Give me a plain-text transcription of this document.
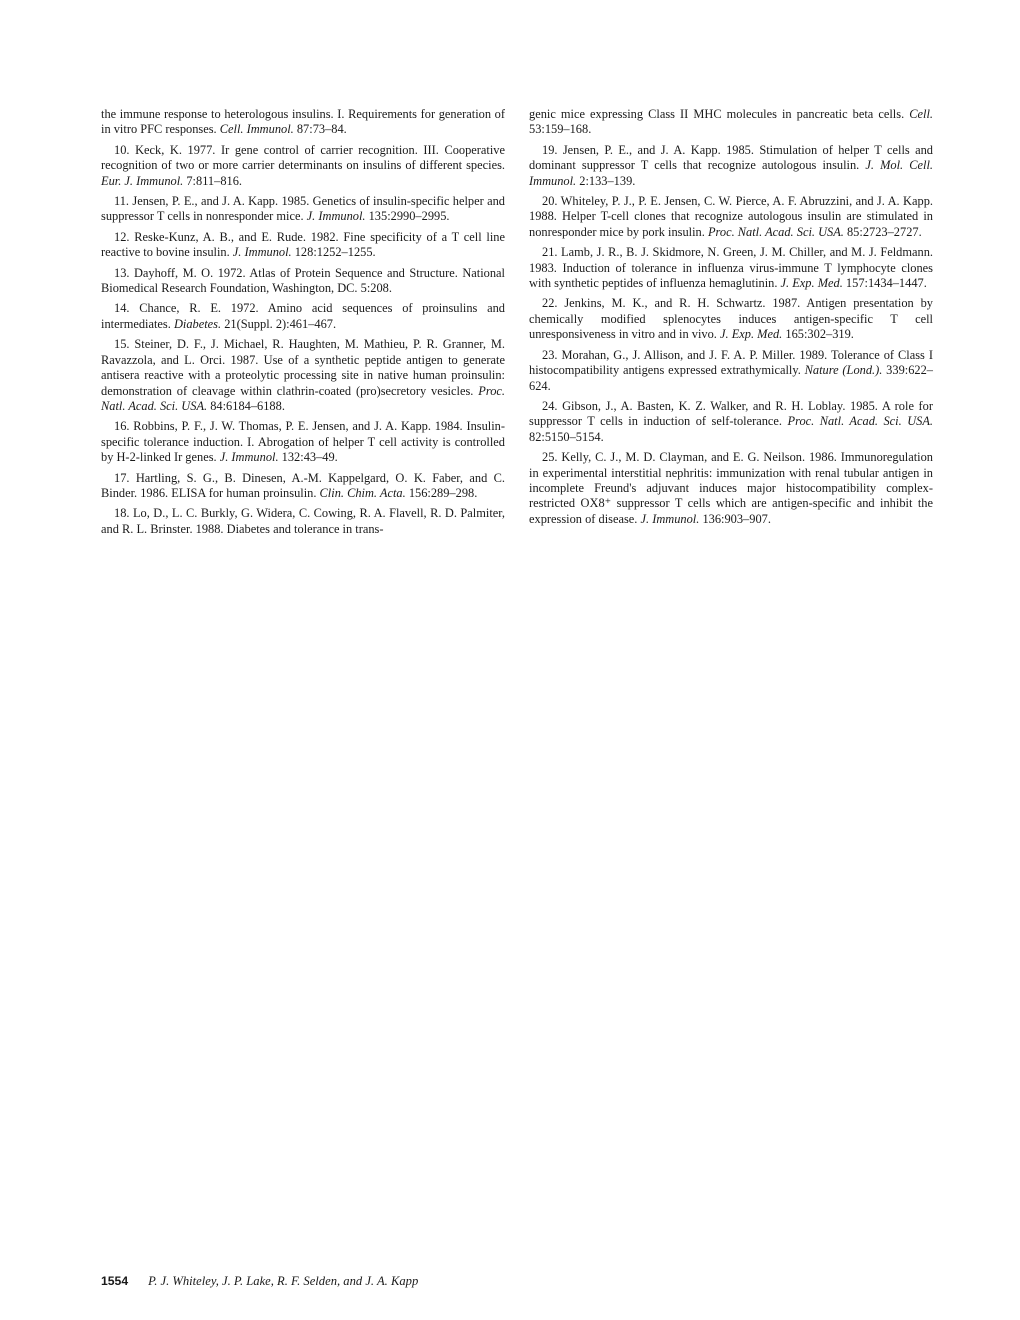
the immune response to heterologous insulins. I. Requirements for generation of in vitro PFC responses. Cell. Immunol. 87:73–84.

10. Keck, K. 1977. Ir gene control of carrier recognition. III. Cooperative recognition of two or more carrier determinants on insulins of different species. Eur. J. Immunol. 7:811–816.

11. Jensen, P. E., and J. A. Kapp. 1985. Genetics of insulin-specific helper and suppressor T cells in nonresponder mice. J. Immunol. 135:2990–2995.

12. Reske-Kunz, A. B., and E. Rude. 1982. Fine specificity of a T cell line reactive to bovine insulin. J. Immunol. 128:1252–1255.

13. Dayhoff, M. O. 1972. Atlas of Protein Sequence and Structure. National Biomedical Research Foundation, Washington, DC. 5:208.

14. Chance, R. E. 1972. Amino acid sequences of proinsulins and intermediates. Diabetes. 21(Suppl. 2):461–467.

15. Steiner, D. F., J. Michael, R. Haughten, M. Mathieu, P. R. Granner, M. Ravazzola, and L. Orci. 1987. Use of a synthetic peptide antigen to generate antisera reactive with a proteolytic processing site in native human proinsulin: demonstration of cleavage within clathrin-coated (pro)secretory vesicles. Proc. Natl. Acad. Sci. USA. 84:6184–6188.

16. Robbins, P. F., J. W. Thomas, P. E. Jensen, and J. A. Kapp. 1984. Insulin-specific tolerance induction. I. Abrogation of helper T cell activity is controlled by H-2-linked Ir genes. J. Immunol. 132:43–49.

17. Hartling, S. G., B. Dinesen, A.-M. Kappelgard, O. K. Faber, and C. Binder. 1986. ELISA for human proinsulin. Clin. Chim. Acta. 156:289–298.

18. Lo, D., L. C. Burkly, G. Widera, C. Cowing, R. A. Flavell, R. D. Palmiter, and R. L. Brinster. 1988. Diabetes and tolerance in trans-

genic mice expressing Class II MHC molecules in pancreatic beta cells. Cell. 53:159–168.

19. Jensen, P. E., and J. A. Kapp. 1985. Stimulation of helper T cells and dominant suppressor T cells that recognize autologous insulin. J. Mol. Cell. Immunol. 2:133–139.

20. Whiteley, P. J., P. E. Jensen, C. W. Pierce, A. F. Abruzzini, and J. A. Kapp. 1988. Helper T-cell clones that recognize autologous insulin are stimulated in nonresponder mice by pork insulin. Proc. Natl. Acad. Sci. USA. 85:2723–2727.

21. Lamb, J. R., B. J. Skidmore, N. Green, J. M. Chiller, and M. J. Feldmann. 1983. Induction of tolerance in influenza virus-immune T lymphocyte clones with synthetic peptides of influenza hemaglutinin. J. Exp. Med. 157:1434–1447.

22. Jenkins, M. K., and R. H. Schwartz. 1987. Antigen presentation by chemically modified splenocytes induces antigen-specific T cell unresponsiveness in vitro and in vivo. J. Exp. Med. 165:302–319.

23. Morahan, G., J. Allison, and J. F. A. P. Miller. 1989. Tolerance of Class I histocompatibility antigens expressed extrathymically. Nature (Lond.). 339:622–624.

24. Gibson, J., A. Basten, K. Z. Walker, and R. H. Loblay. 1985. A role for suppressor T cells in induction of self-tolerance. Proc. Natl. Acad. Sci. USA. 82:5150–5154.

25. Kelly, C. J., M. D. Clayman, and E. G. Neilson. 1986. Immunoregulation in experimental interstitial nephritis: immunization with renal tubular antigen in incomplete Freund's adjuvant induces major histocompatibility complex-restricted OX8⁺ suppressor T cells which are antigen-specific and inhibit the expression of disease. J. Immunol. 136:903–907.

1554 P. J. Whiteley, J. P. Lake, R. F. Selden, and J. A. Kapp
